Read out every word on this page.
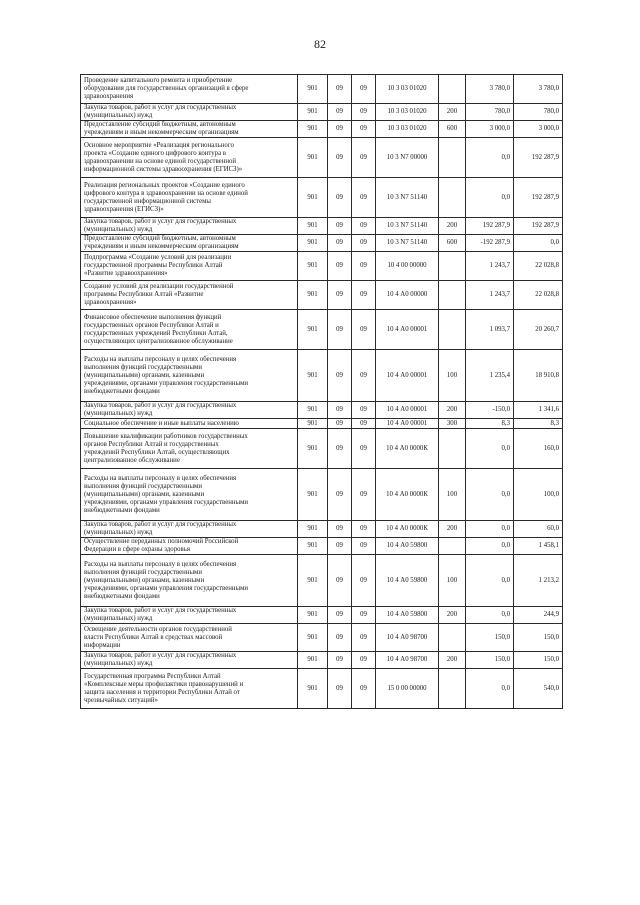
82
Проведение капитального ремонта и приобретение
оборудования для государственных организаций в сфере
здравоохранения	901	09	09	10 3 03 01020		3 780,0	3 780,0

Закупка товаров, работ и услуг для государственных
(муниципальных) нужд	901	09	09	10 3 03 01020	200	780,0	780,0

Предоставление субсидий бюджетным, автономным
учреждениям и иным некоммерческим организациям	901	09	09	10 3 03 01020	600	3 000,0	3 000,0

Основное мероприятие «Реализация регионального
проекта «Создание единого цифрового контура в
здравоохранении на основе единой государственной
информационной системы здравоохранения (ЕГИСЗ)»	901	09	09	10 3 N7 00000		0,0	192 287,9

Реализация региональных проектов «Создание единого
цифрового контура в здравоохранении на основе единой
государственной информационной системы
здравоохранения (ЕГИСЗ)»	901	09	09	10 3 N7 51140		0,0	192 287,9

Закупка товаров, работ и услуг для государственных
(муниципальных) нужд	901	09	09	10 3 N7 51140	200	192 287,9	192 287,9

Предоставление субсидий бюджетным, автономным
учреждениям и иным некоммерческим организациям	901	09	09	10 3 N7 51140	600	-192 287,9	0,0

Подпрограмма «Создание условий для реализации
государственной программы Республики Алтай
«Развитие здравоохранения»	901	09	09	10 4 00 00000		1 243,7	22 028,8

Создание условий для реализации государственной
программы Республики Алтай «Развитие
здравоохранения»	901	09	09	10 4 А0 00000		1 243,7	22 028,8

Финансовое обеспечение выполнения функций
государственных органов Республики Алтай и
государственных учреждений Республики Алтай,
осуществляющих централизованное обслуживание	901	09	09	10 4 А0 00001		1 093,7	20 260,7

Расходы на выплаты персоналу в целях обеспечения
выполнения функций государственными
(муниципальными) органами, казенными
учреждениями, органами управления государственными
внебюджетными фондами	901	09	09	10 4 А0 00001	100	1 235,4	18 910,8

Закупка товаров, работ и услуг для государственных
(муниципальных) нужд	901	09	09	10 4 А0 00001	200	-150,0	1 341,6

Социальное обеспечение и иные выплаты населению	901	09	09	10 4 А0 00001	300	8,3	8,3

Повышение квалификации работников государственных
органов Республики Алтай и государственных
учреждений Республики Алтай, осуществляющих
централизованное обслуживание	901	09	09	10 4 А0 0000К		0,0	160,0

Расходы на выплаты персоналу в целях обеспечения
выполнения функций государственными
(муниципальными) органами, казенными
учреждениями, органами управления государственными
внебюджетными фондами	901	09	09	10 4 А0 0000К	100	0,0	100,0

Закупка товаров, работ и услуг для государственных
(муниципальных) нужд	901	09	09	10 4 А0 0000К	200	0,0	60,0

Осуществление переданных полномочий Российской
Федерации в сфере охраны здоровья	901	09	09	10 4 А0 59800		0,0	1 458,1

Расходы на выплаты персоналу в целях обеспечения
выполнения функций государственными
(муниципальными) органами, казенными
учреждениями, органами управления государственными
внебюджетными фондами	901	09	09	10 4 А0 59800	100	0,0	1 213,2

Закупка товаров, работ и услуг для государственных
(муниципальных) нужд	901	09	09	10 4 А0 59800	200	0,0	244,9

Освещение деятельности органов государственной
власти Республики Алтай в средствах массовой
информации	901	09	09	10 4 А0 98700		150,0	150,0

Закупка товаров, работ и услуг для государственных
(муниципальных) нужд	901	09	09	10 4 А0 98700	200	150,0	150,0

Государственная программа Республики Алтай
«Комплексные меры профилактики правонарушений и
защита населения и территории Республики Алтай от
чрезвычайных ситуаций»	901	09	09	15 0 00 00000		0,0	540,0
